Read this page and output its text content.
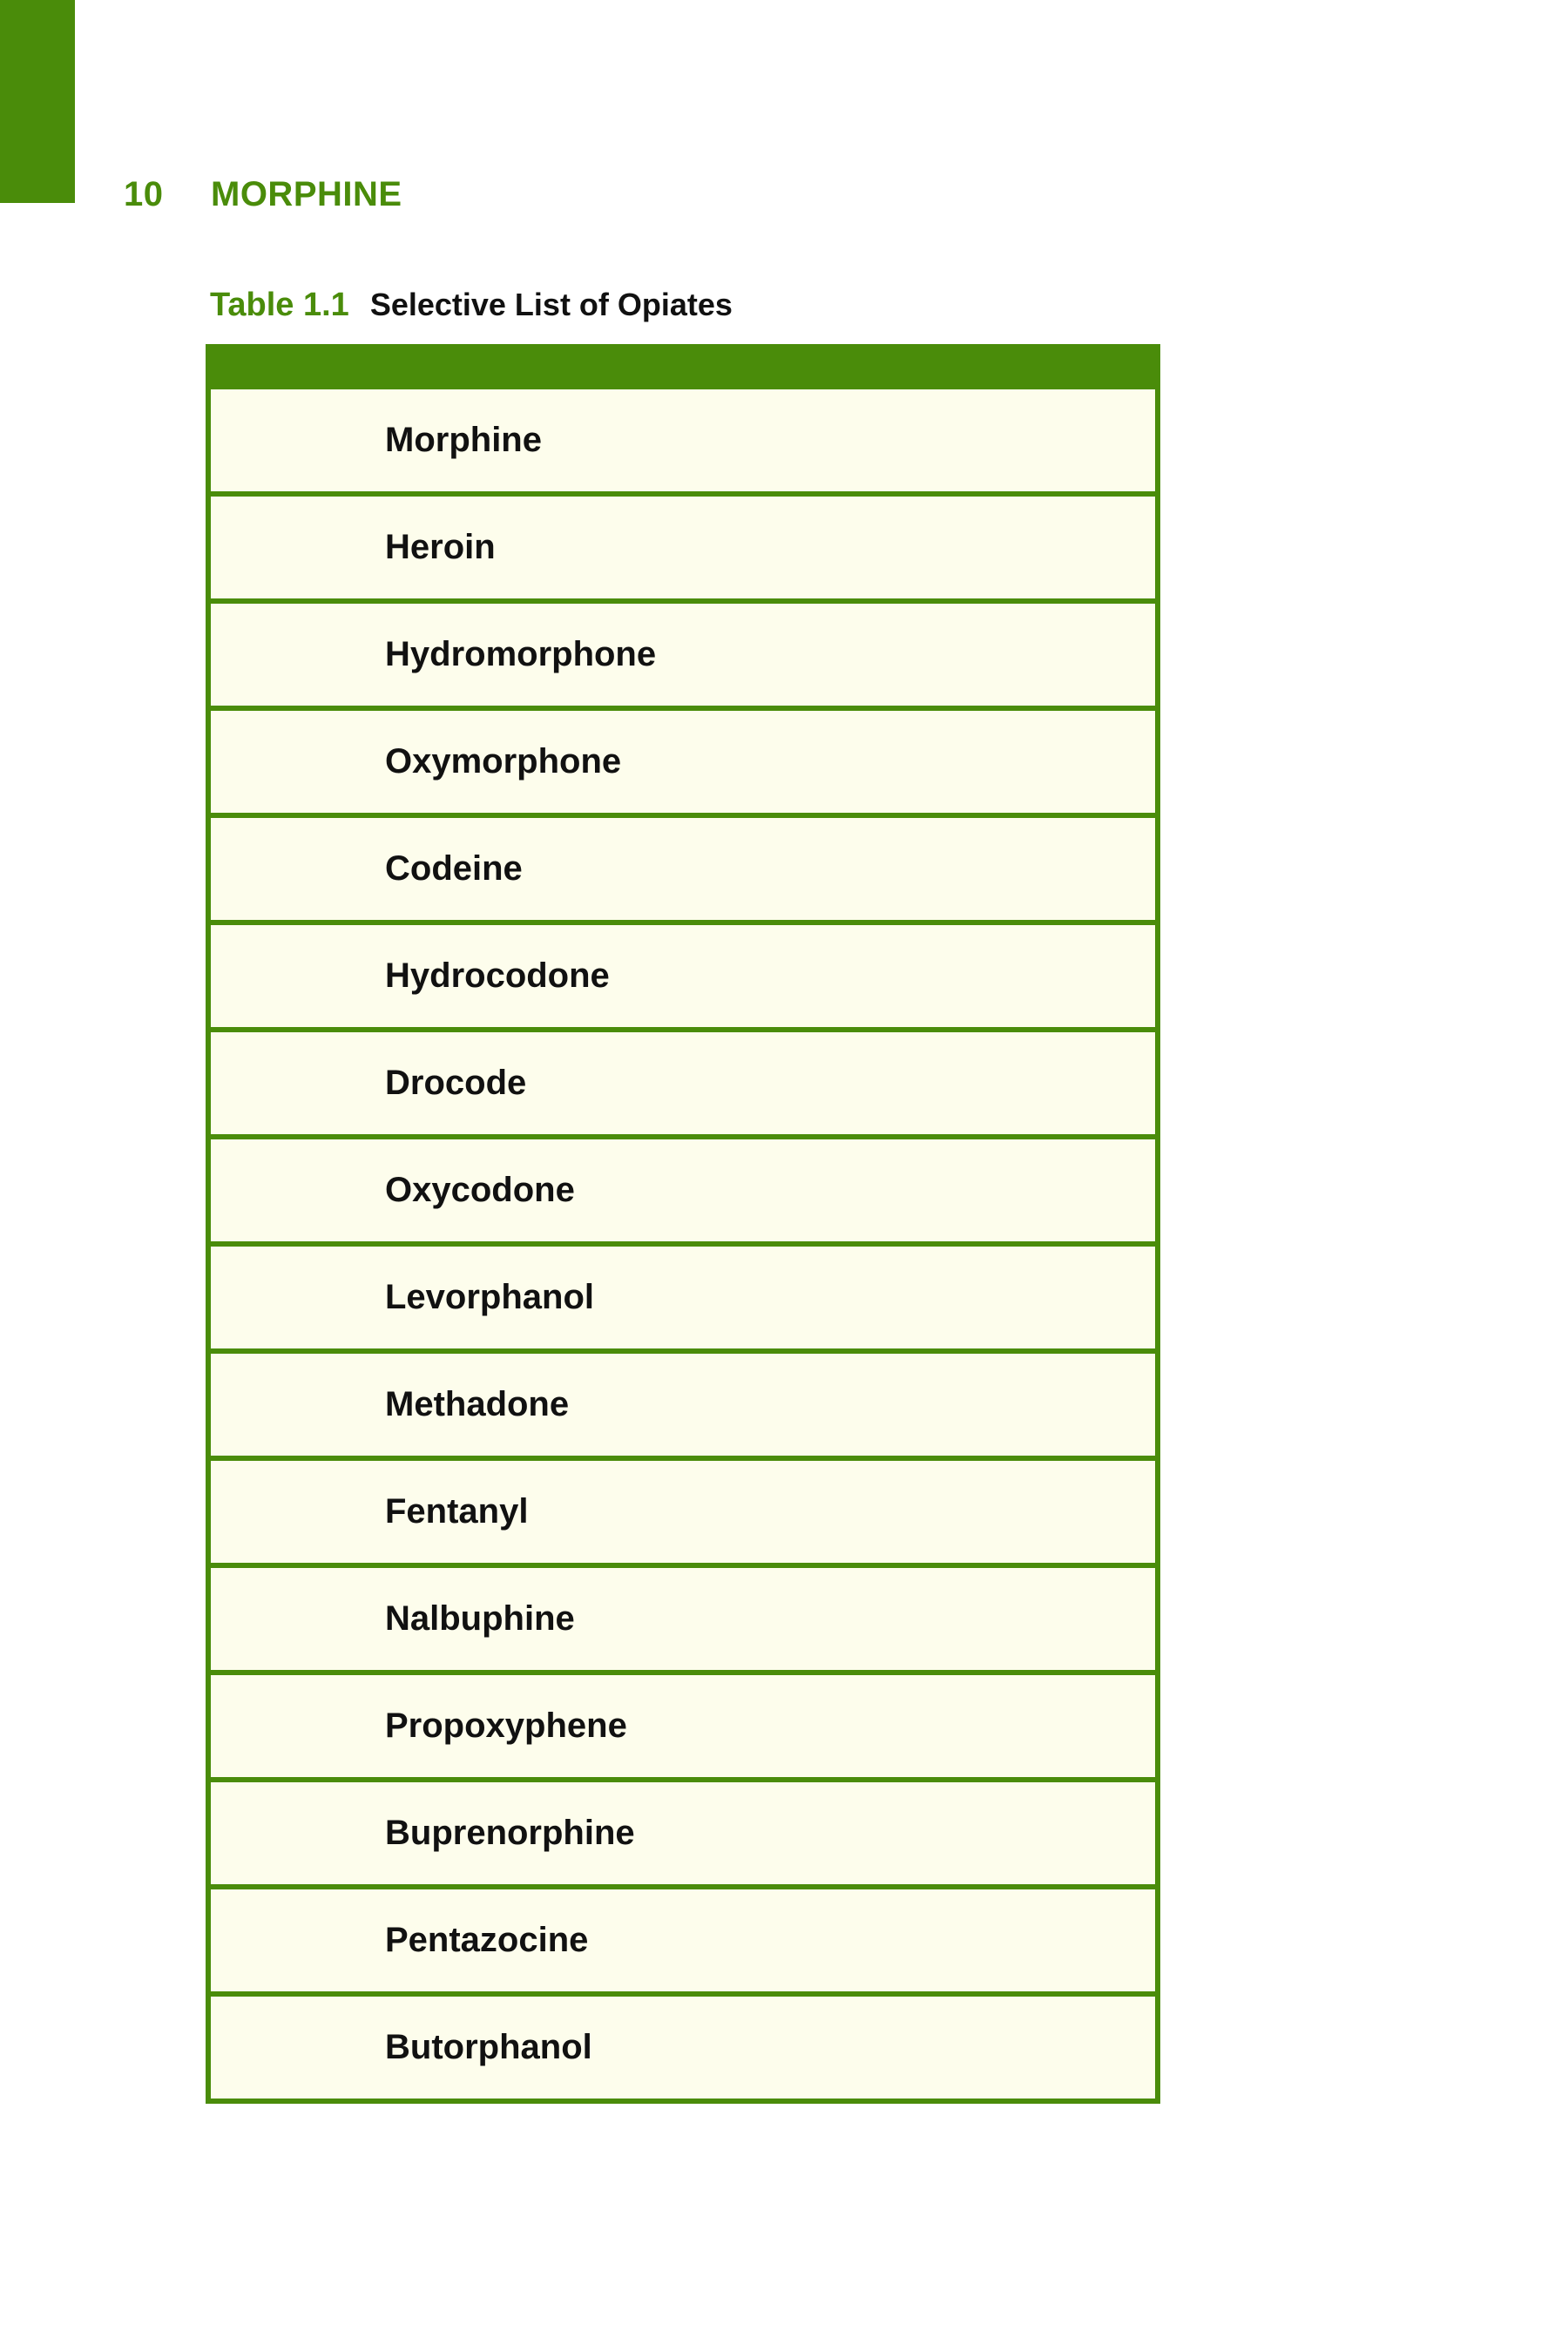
10	MORPHINE
Table 1.1 Selective List of Opiates
Morphine
Heroin
Hydromorphone
Oxymorphone
Codeine
Hydrocodone
Drocode
Oxycodone
Levorphanol
Methadone
Fentanyl
Nalbuphine
Propoxyphene
Buprenorphine
Pentazocine
Butorphanol
